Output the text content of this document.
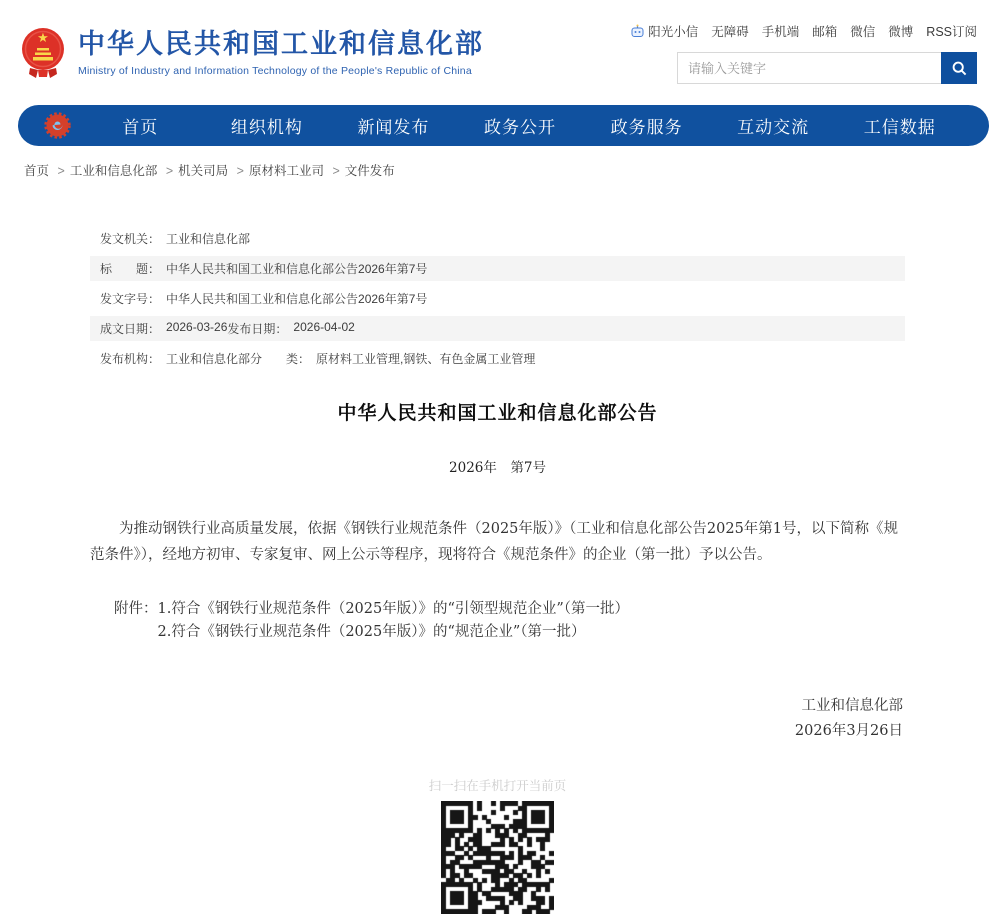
★ 中华人民共和国工业和信息化部
Ministry of Industry and Information Technology of the People's Republic of China
阳光小信 无障碍 手机端 邮箱 微信 微博 RSS订阅
请输入关键字
首页	组织机构	新闻发布	政务公开	政务服务	互动交流	工信数据
首页 > 工业和信息化部 > 机关司局 > 原材料工业司 > 文件发布
发文机关： 工业和信息化部
标　　题： 中华人民共和国工业和信息化部公告2026年第7号
发文字号： 中华人民共和国工业和信息化部公告2026年第7号
成文日期： 2026-03-26 发布日期： 2026-04-02
发布机构： 工业和信息化部 分　　类： 原材料工业管理,钢铁、有色金属工业管理
中华人民共和国工业和信息化部公告
2026年　第7号

为推动钢铁行业高质量发展，依据《钢铁行业规范条件（2025年版）》（工业和信息化部公告2025年第1号，以下简称《规范条件》），经地方初审、专家复审、网上公示等程序，现将符合《规范条件》的企业（第一批）予以公告。

附件： 1.符合《钢铁行业规范条件（2025年版）》的“引领型规范企业”（第一批）
2.符合《钢铁行业规范条件（2025年版）》的“规范企业”（第一批）
工业和信息化部
2026年3月26日
扫一扫在手机打开当前页
